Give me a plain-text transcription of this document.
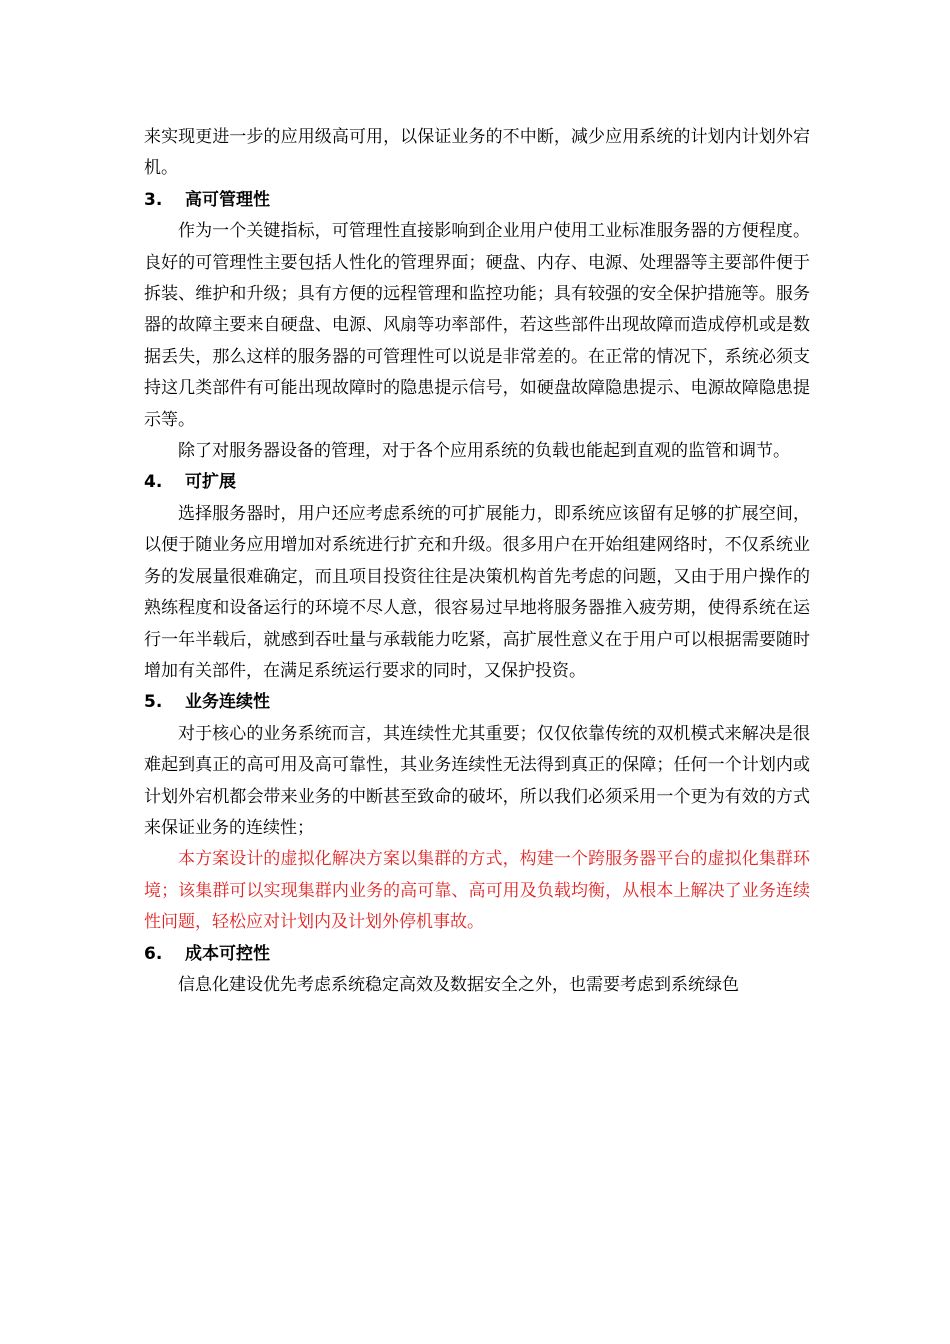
来实现更进一步的应用级高可用，以保证业务的不中断，减少应用系统的计划内计划外宕机。

3. 高可管理性

作为一个关键指标，可管理性直接影响到企业用户使用工业标准服务器的方便程度。良好的可管理性主要包括人性化的管理界面；硬盘、内存、电源、处理器等主要部件便于拆装、维护和升级；具有方便的远程管理和监控功能；具有较强的安全保护措施等。服务器的故障主要来自硬盘、电源、风扇等功率部件，若这些部件出现故障而造成停机或是数据丢失，那么这样的服务器的可管理性可以说是非常差的。在正常的情况下，系统必须支持这几类部件有可能出现故障时的隐患提示信号，如硬盘故障隐患提示、电源故障隐患提示等。

除了对服务器设备的管理，对于各个应用系统的负载也能起到直观的监管和调节。

4. 可扩展

选择服务器时，用户还应考虑系统的可扩展能力，即系统应该留有足够的扩展空间，以便于随业务应用增加对系统进行扩充和升级。很多用户在开始组建网络时，不仅系统业务的发展量很难确定，而且项目投资往往是决策机构首先考虑的问题，又由于用户操作的熟练程度和设备运行的环境不尽人意，很容易过早地将服务器推入疲劳期，使得系统在运行一年半载后，就感到吞吐量与承载能力吃紧，高扩展性意义在于用户可以根据需要随时增加有关部件，在满足系统运行要求的同时，又保护投资。

5. 业务连续性

对于核心的业务系统而言，其连续性尤其重要；仅仅依靠传统的双机模式来解决是很难起到真正的高可用及高可靠性，其业务连续性无法得到真正的保障；任何一个计划内或计划外宕机都会带来业务的中断甚至致命的破坏，所以我们必须采用一个更为有效的方式来保证业务的连续性；

本方案设计的虚拟化解决方案以集群的方式，构建一个跨服务器平台的虚拟化集群环境；该集群可以实现集群内业务的高可靠、高可用及负载均衡，从根本上解决了业务连续性问题，轻松应对计划内及计划外停机事故。

6. 成本可控性

信息化建设优先考虑系统稳定高效及数据安全之外，也需要考虑到系统绿色
